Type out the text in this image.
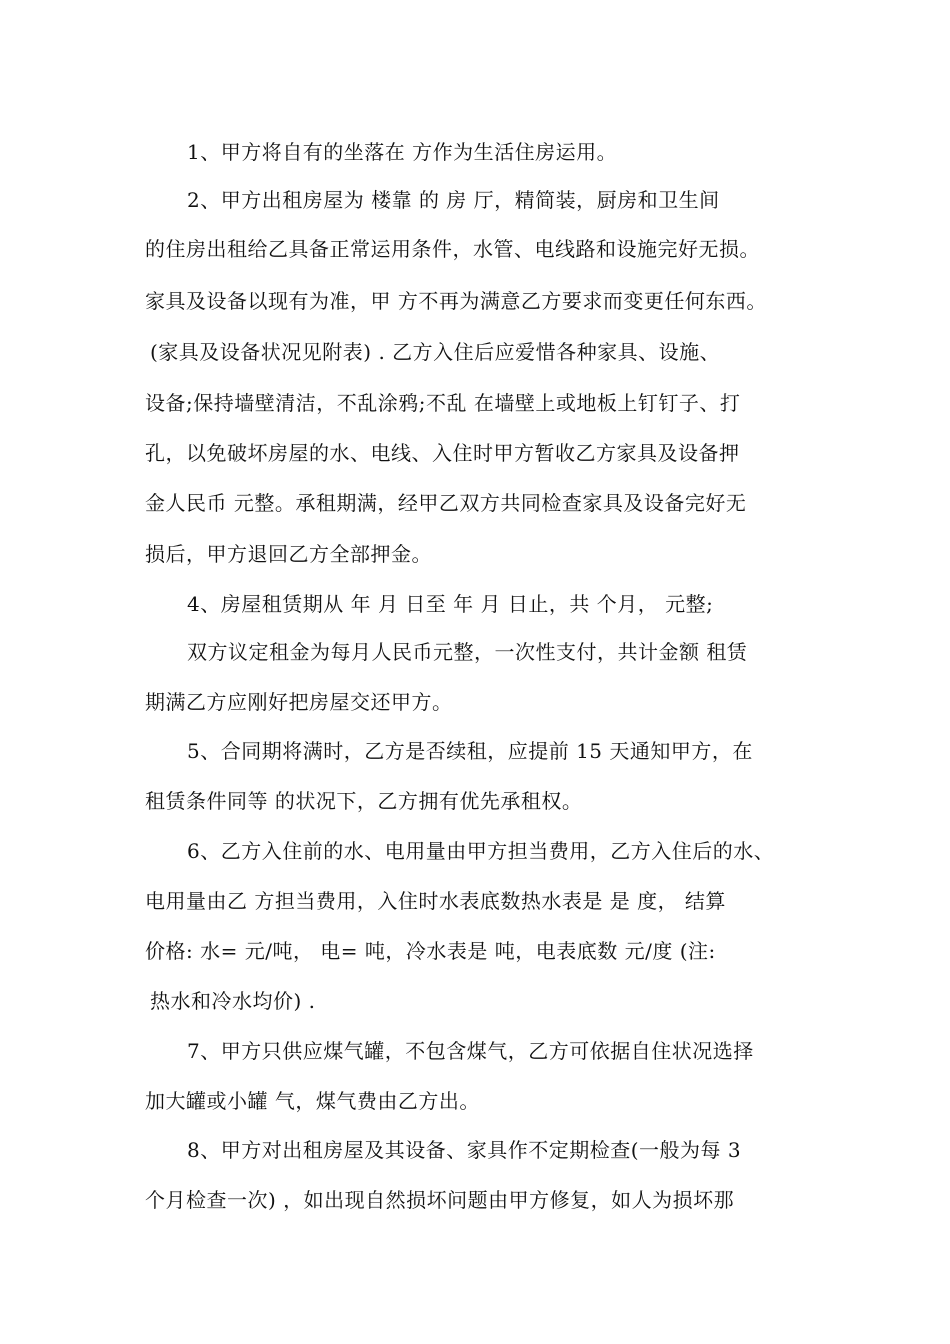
1、甲方将自有的坐落在 方作为生活住房运用。
2、甲方出租房屋为 楼靠 的 房 厅，精简装，厨房和卫生间
的住房出租给乙具备正常运用条件，水管、电线路和设施完好无损。
家具及设备以现有为准，甲 方不再为满意乙方要求而变更任何东西。
(家具及设备状况见附表) . 乙方入住后应爱惜各种家具、设施、
设备;保持墙壁清洁，不乱涂鸦;不乱 在墙壁上或地板上钉钉子、打
孔，以免破坏房屋的水、电线、入住时甲方暂收乙方家具及设备押
金人民币 元整。承租期满，经甲乙双方共同检查家具及设备完好无
损后，甲方退回乙方全部押金。
4、房屋租赁期从 年 月 日至 年 月 日止，共 个月， 元整;
双方议定租金为每月人民币元整，一次性支付，共计金额 租赁
期满乙方应刚好把房屋交还甲方。
5、合同期将满时，乙方是否续租，应提前 15 天通知甲方，在
租赁条件同等 的状况下，乙方拥有优先承租权。
6、乙方入住前的水、电用量由甲方担当费用，乙方入住后的水、
电用量由乙 方担当费用，入住时水表底数热水表是 是 度， 结算
价格: 水= 元/吨， 电= 吨，冷水表是 吨，电表底数 元/度 (注:
热水和冷水均价) .
7、甲方只供应煤气罐，不包含煤气，乙方可依据自住状况选择
加大罐或小罐 气，煤气费由乙方出。
8、甲方对出租房屋及其设备、家具作不定期检查(一般为每 3
个月检查一次) ，如出现自然损坏问题由甲方修复，如人为损坏那
